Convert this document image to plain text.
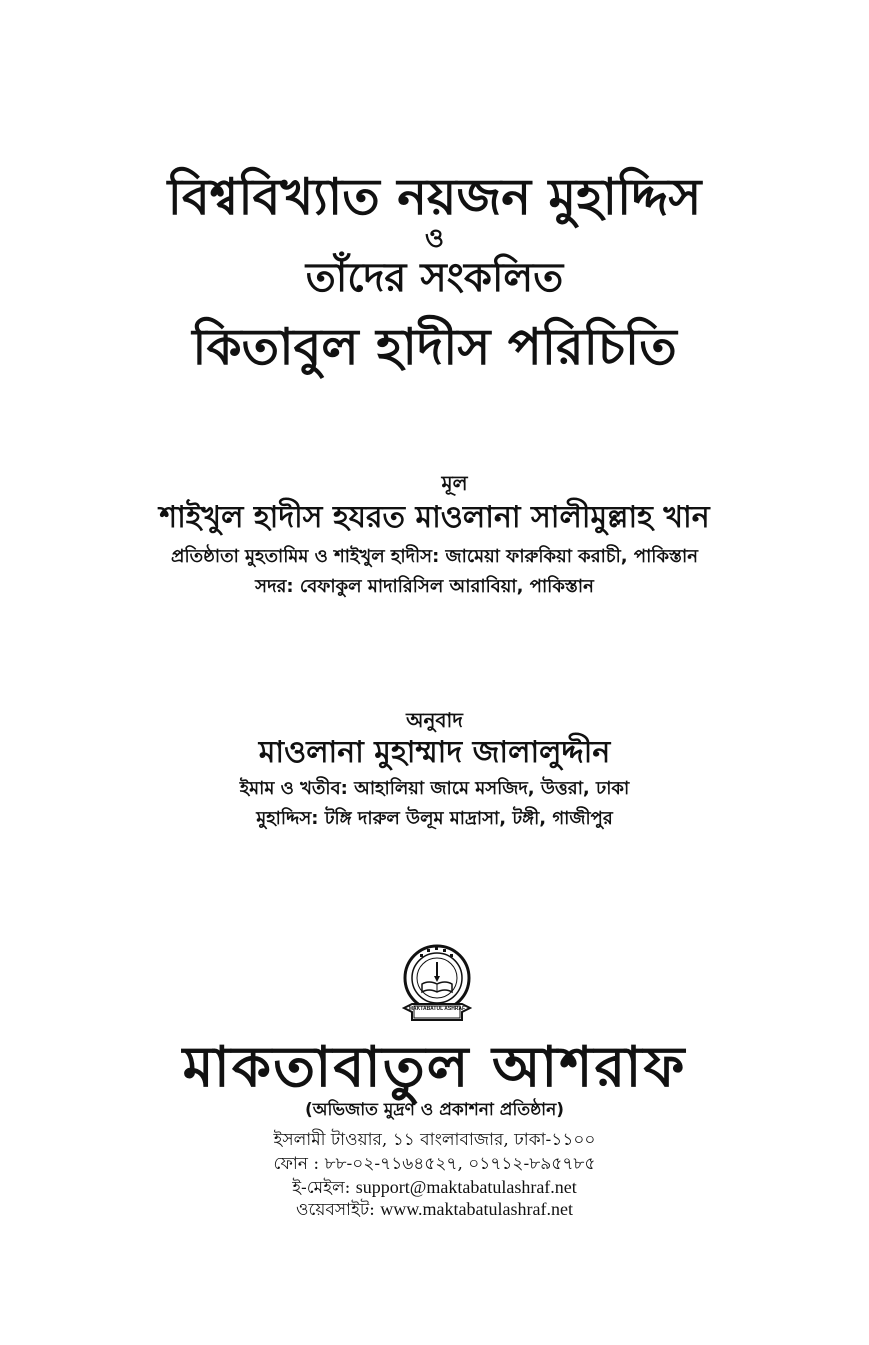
বিশ্ববিখ্যাত নয়জন মুহাদ্দিস
ও
তাঁদের সংকলিত
কিতাবুল হাদীস পরিচিতি
মূল
শাইখুল হাদীস হযরত মাওলানা সালীমুল্লাহ খান
প্রতিষ্ঠাতা মুহতামিম ও শাইখুল হাদীস: জামেয়া ফারুকিয়া করাচী, পাকিস্তান
সদর: বেফাকুল মাদারিসিল আরাবিয়া, পাকিস্তান
অনুবাদ
মাওলানা মুহাম্মাদ জালালুদ্দীন
ইমাম ও খতীব: আহালিয়া জামে মসজিদ, উত্তরা, ঢাকা
মুহাদ্দিস: টঙ্গি দারুল উলূম মাদ্রাসা, টঙ্গী, গাজীপুর
MAKTABATUL ASHRAF
মাকতাবাতুল আশরাফ
(অভিজাত মুদ্রণ ও প্রকাশনা প্রতিষ্ঠান)
ইসলামী টাওয়ার, ১১ বাংলাবাজার, ঢাকা-১১০০
ফোন : ৮৮-০২-৭১৬৪৫২৭, ০১৭১২-৮৯৫৭৮৫
ই-মেইল: support@maktabatulashraf.net
ওয়েবসাইট: www.maktabatulashraf.net
